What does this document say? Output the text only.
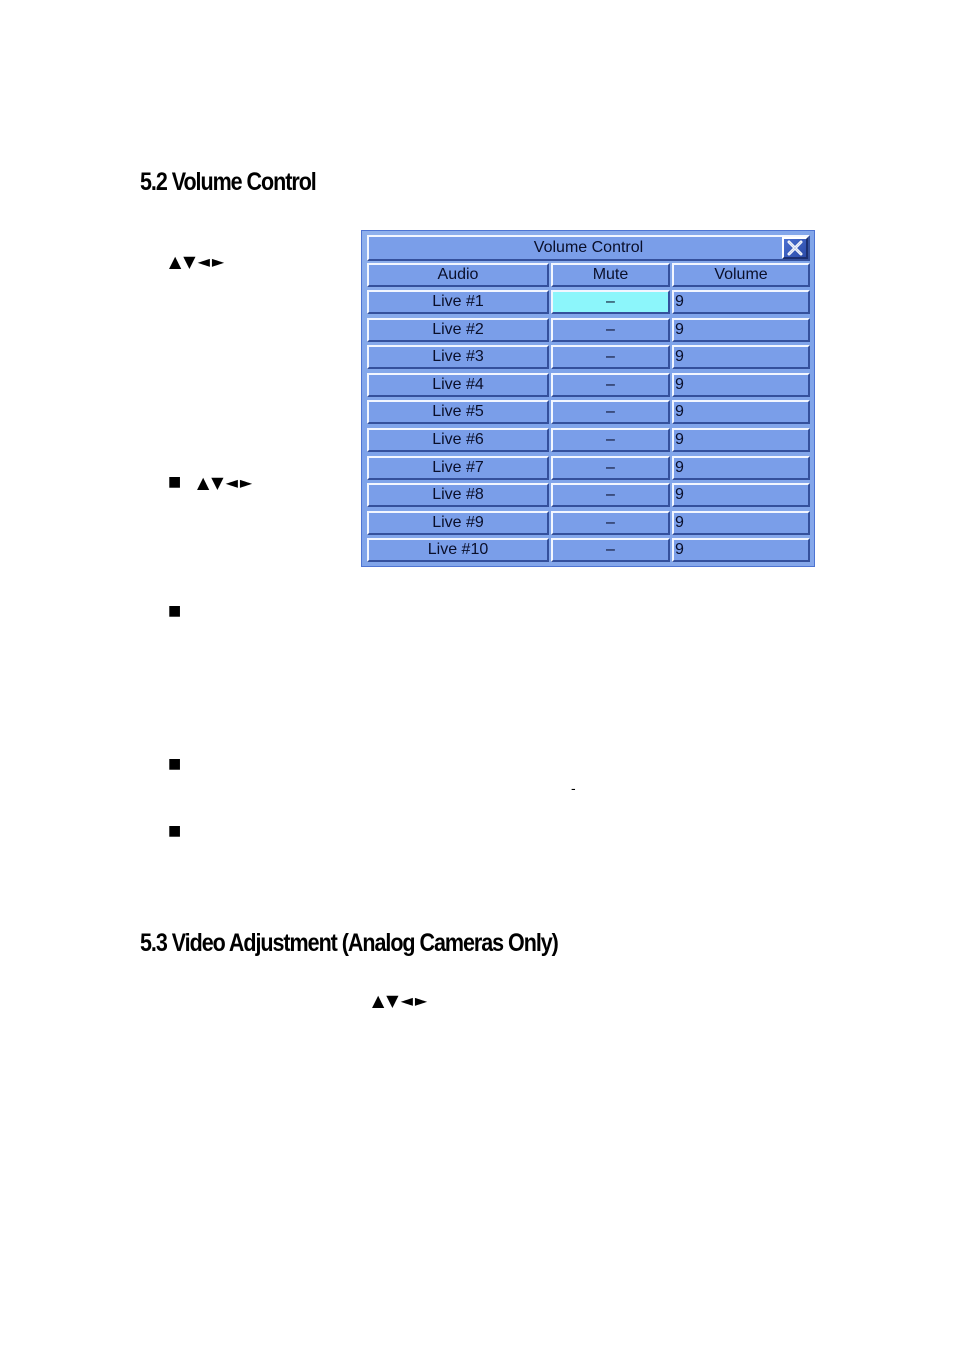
5.2 Volume Control
▲▼◄►
■ ▲▼◄►
■
■
-
■
5.3 Video Adjustment (Analog Cameras Only)
▲▼◄►
Volume Control
Audio	Mute	Volume
Live #1	–	9
Live #2	–	9
Live #3	–	9
Live #4	–	9
Live #5	–	9
Live #6	–	9
Live #7	–	9
Live #8	–	9
Live #9	–	9
Live #10	–	9
